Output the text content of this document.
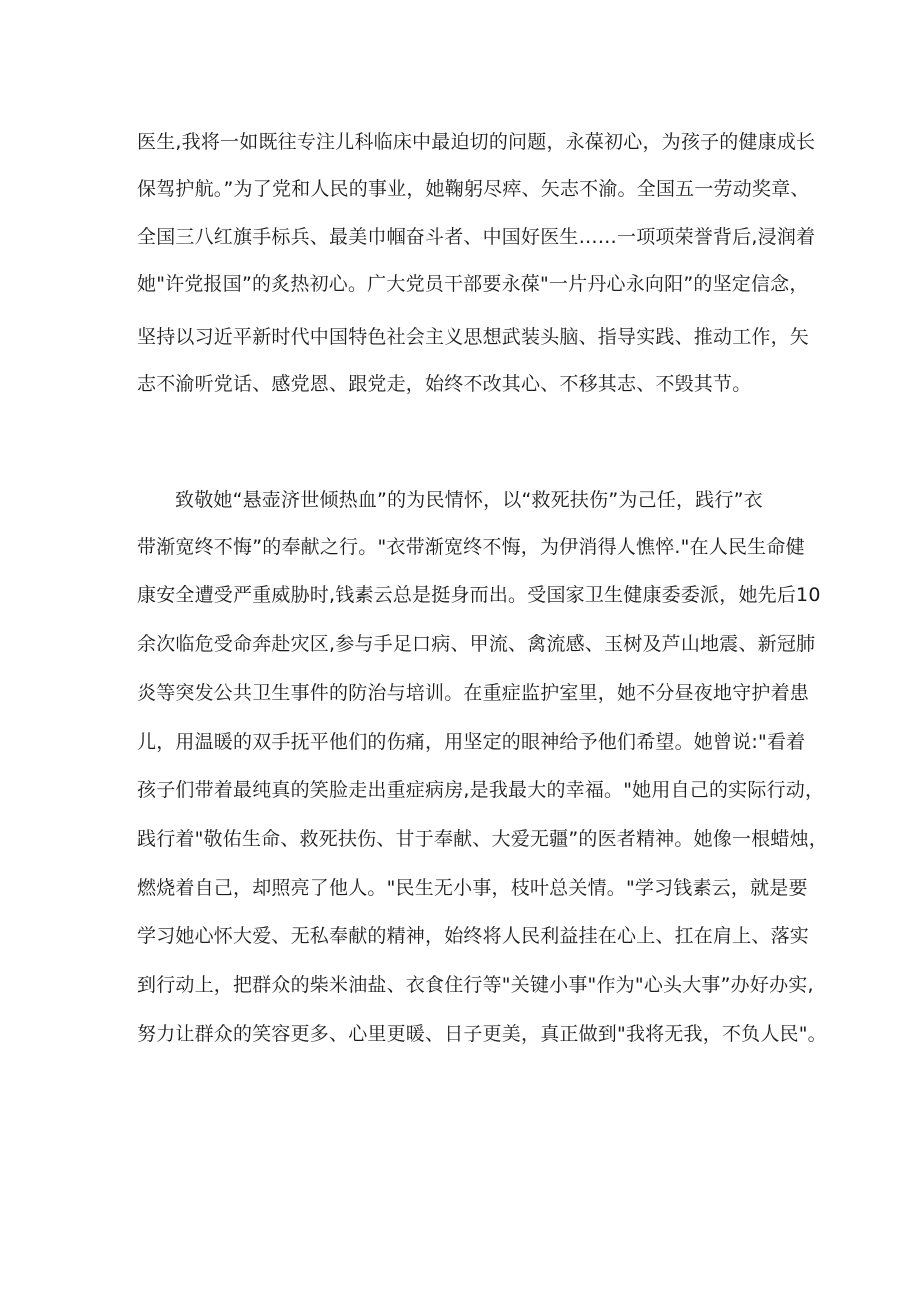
医生,我将一如既往专注儿科临床中最迫切的问题，永葆初心，为孩子的健康成长
保驾护航。”为了党和人民的事业，她鞠躬尽瘁、矢志不渝。全国五一劳动奖章、
全国三八红旗手标兵、最美巾帼奋斗者、中国好医生……一项项荣誉背后,浸润着
她"许党报国”的炙热初心。广大党员干部要永葆"一片丹心永向阳”的坚定信念，
坚持以习近平新时代中国特色社会主义思想武装头脑、指导实践、推动工作，矢
志不渝听党话、感党恩、跟党走，始终不改其心、不移其志、不毁其节。
致敬她“悬壶济世倾热血”的为民情怀，以“救死扶伤”为己任，践行”衣
带渐宽终不悔”的奉献之行。"衣带渐宽终不悔，为伊消得人憔悴."在人民生命健
康安全遭受严重威胁时,钱素云总是挺身而出。受国家卫生健康委委派，她先后10
余次临危受命奔赴灾区,参与手足口病、甲流、禽流感、玉树及芦山地震、新冠肺
炎等突发公共卫生事件的防治与培训。在重症监护室里，她不分昼夜地守护着患
儿，用温暖的双手抚平他们的伤痛，用坚定的眼神给予他们希望。她曾说:"看着
孩子们带着最纯真的笑脸走出重症病房,是我最大的幸福。"她用自己的实际行动，
践行着"敬佑生命、救死扶伤、甘于奉献、大爱无疆”的医者精神。她像一根蜡烛，
燃烧着自己，却照亮了他人。"民生无小事，枝叶总关情。"学习钱素云，就是要
学习她心怀大爱、无私奉献的精神，始终将人民利益挂在心上、扛在肩上、落实
到行动上，把群众的柴米油盐、衣食住行等"关键小事"作为"心头大事”办好办实,
努力让群众的笑容更多、心里更暖、日子更美，真正做到"我将无我，不负人民"。
